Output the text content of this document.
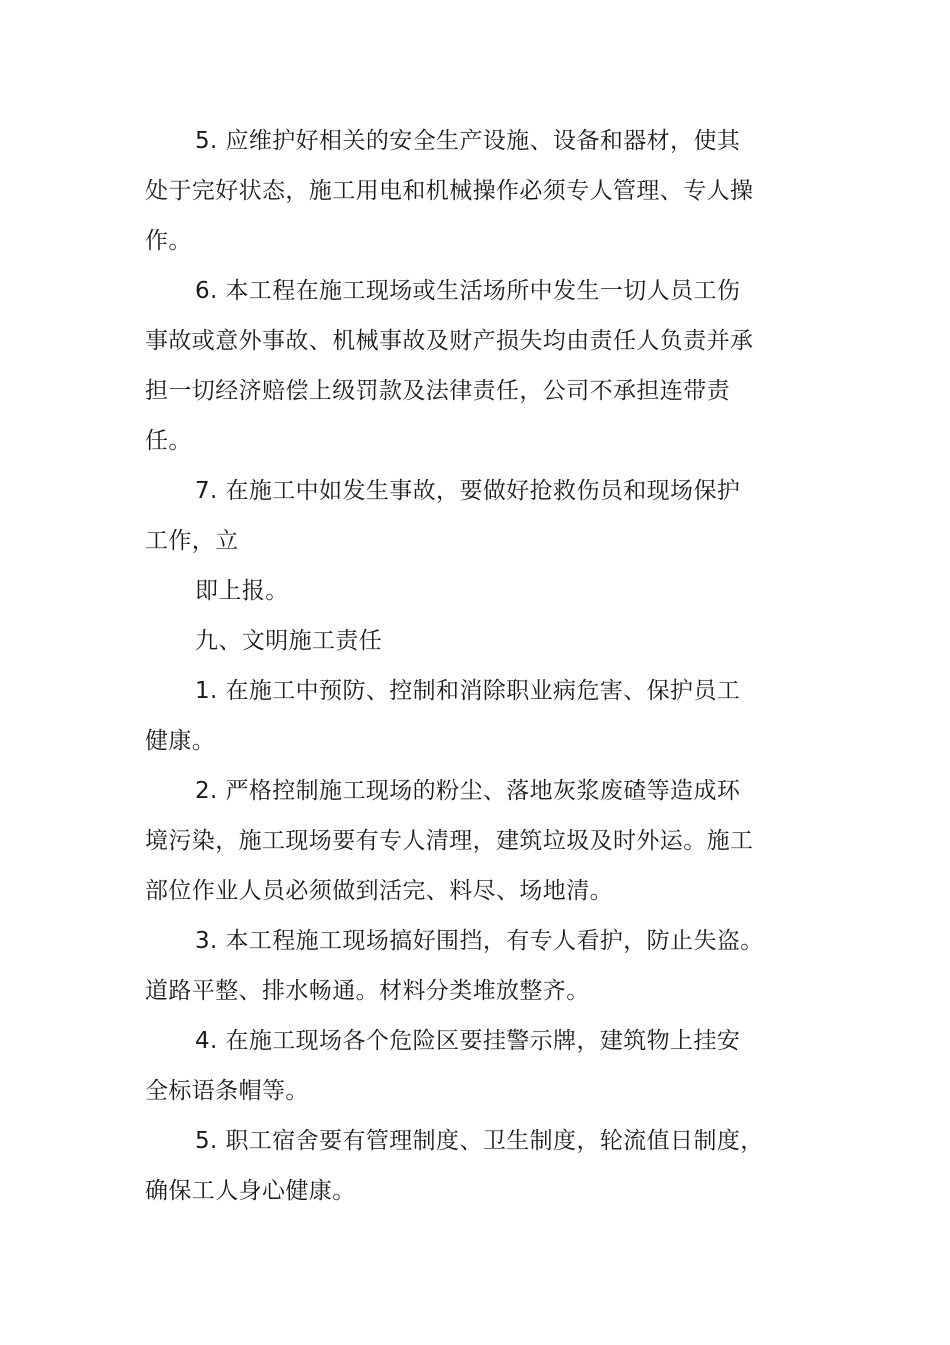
5. 应维护好相关的安全生产设施、设备和器材，使其
处于完好状态，施工用电和机械操作必须专人管理、专人操
作。
6. 本工程在施工现场或生活场所中发生一切人员工伤
事故或意外事故、机械事故及财产损失均由责任人负责并承
担一切经济赔偿上级罚款及法律责任，公司不承担连带责
任。
7. 在施工中如发生事故，要做好抢救伤员和现场保护
工作，立
即上报。
九、文明施工责任
1. 在施工中预防、控制和消除职业病危害、保护员工
健康。
2. 严格控制施工现场的粉尘、落地灰浆废碴等造成环
境污染，施工现场要有专人清理，建筑垃圾及时外运。施工
部位作业人员必须做到活完、料尽、场地清。
3. 本工程施工现场搞好围挡，有专人看护，防止失盗。
道路平整、排水畅通。材料分类堆放整齐。
4. 在施工现场各个危险区要挂警示牌，建筑物上挂安
全标语条帽等。
5. 职工宿舍要有管理制度、卫生制度，轮流值日制度，
确保工人身心健康。
